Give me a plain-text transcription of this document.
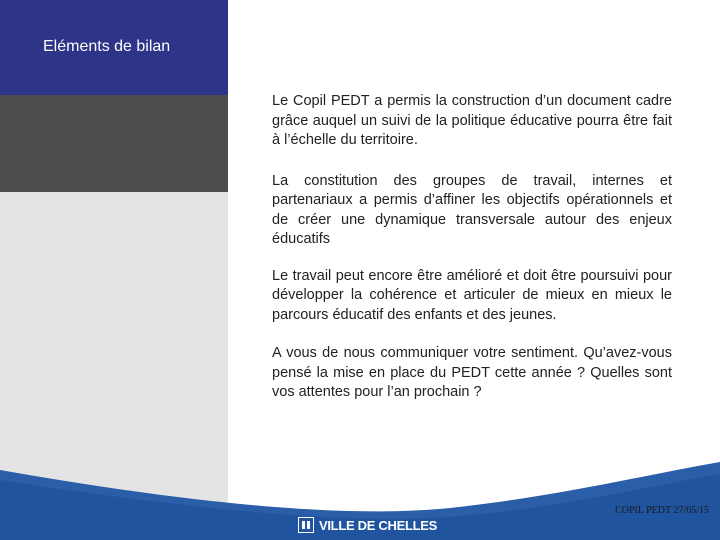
Eléments de bilan

Le Copil PEDT a permis la construction d’un document cadre grâce auquel un suivi de la politique éducative pourra être fait à l’échelle du territoire.

La constitution des groupes de travail, internes et partenariaux a permis d’affiner les objectifs opérationnels et de créer une dynamique transversale autour des enjeux éducatifs

Le travail peut encore être amélioré et doit être poursuivi pour développer la cohérence et articuler de mieux en mieux le parcours éducatif des enfants et des jeunes.

A vous de nous communiquer votre sentiment. Qu’avez-vous pensé la mise en place du PEDT cette année ? Quelles sont vos attentes pour l’an prochain ?

VILLE DE CHELLES
COPIL PEDT 27/05/15
